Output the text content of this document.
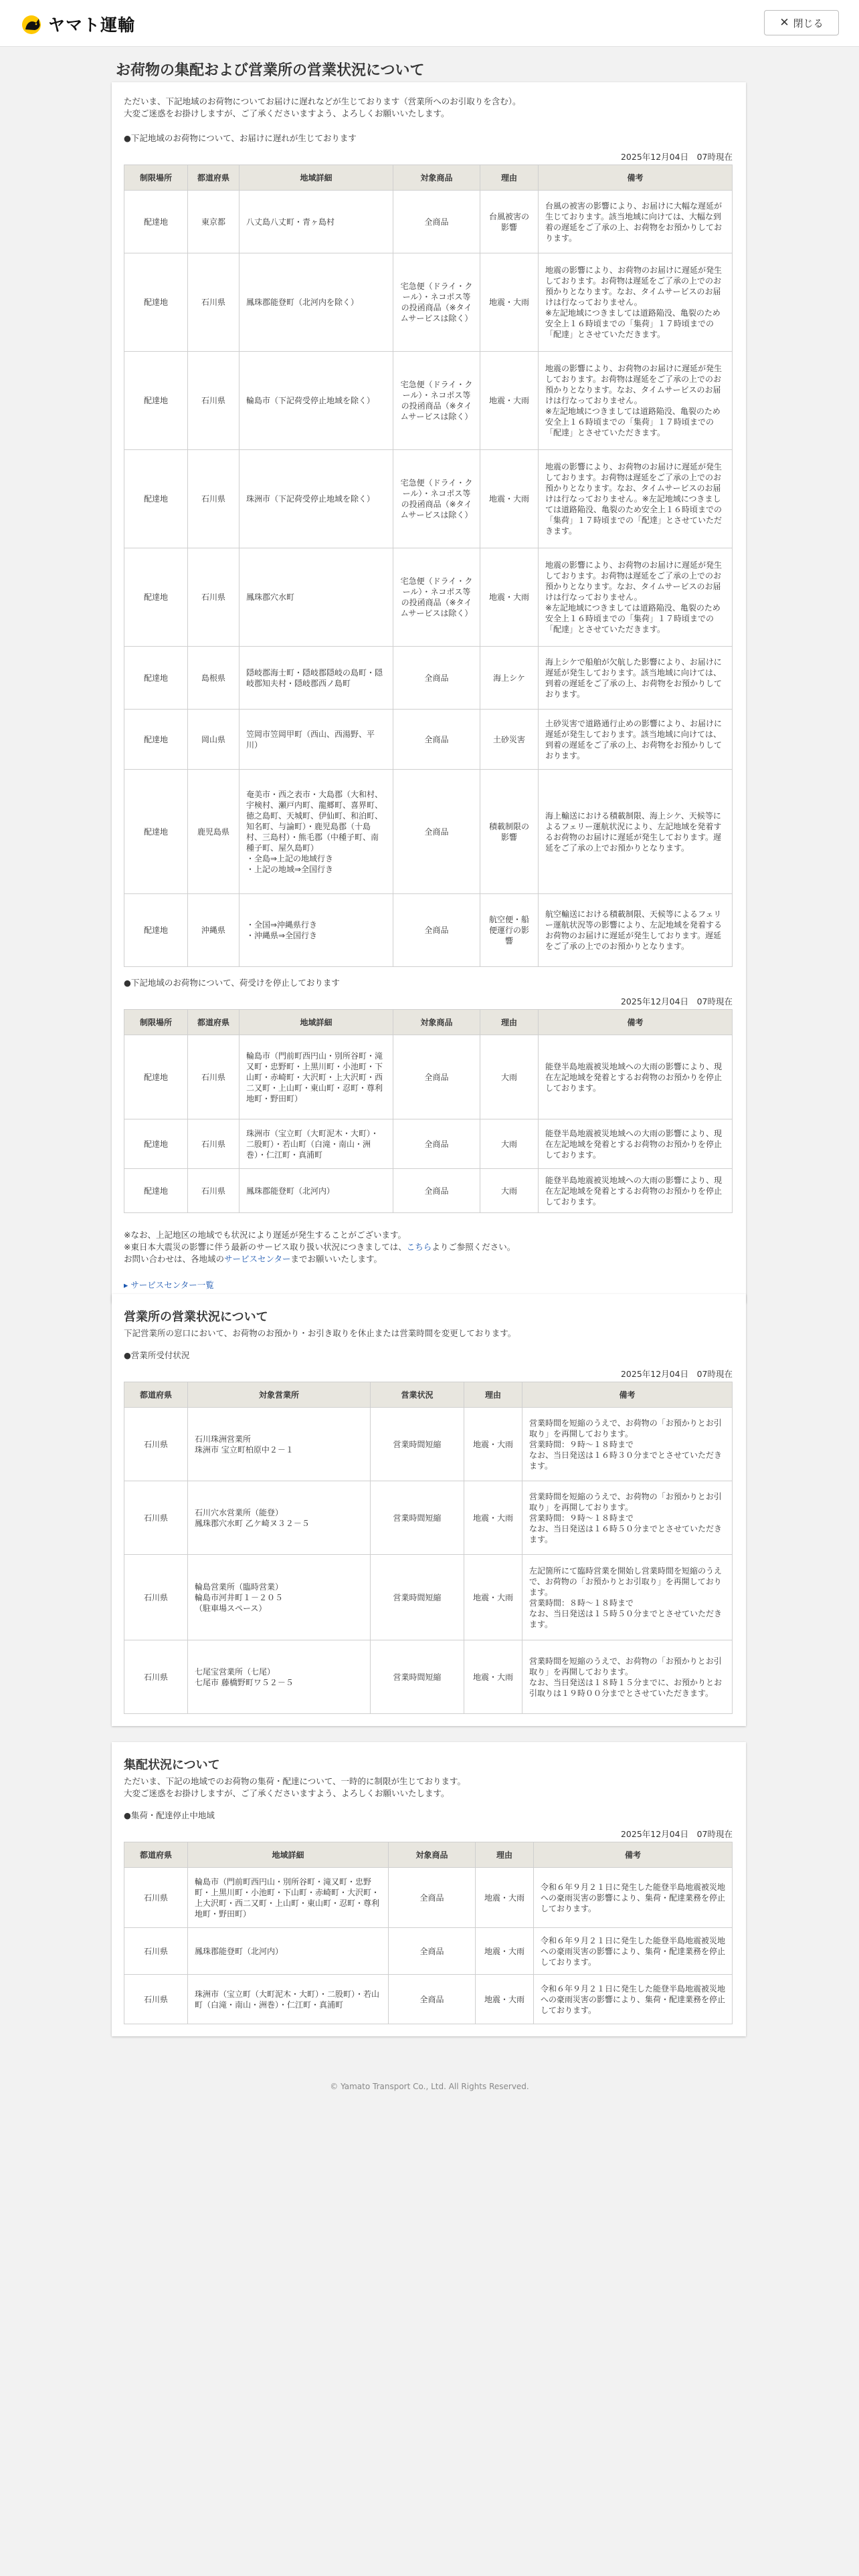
ヤマト運輸	✕ 閉じる
お荷物の集配および営業所の営業状況について
ただいま、下記地域のお荷物についてお届けに遅れなどが生じております（営業所へのお引取りを含む）。
大変ご迷惑をお掛けしますが、ご了承くださいますよう、よろしくお願いいたします。
●下記地域のお荷物について、お届けに遅れが生じております
2025年12月04日　07時現在
制限場所	都道府県	地域詳細	対象商品	理由	備考
配達地	東京都	八丈島八丈町・青ヶ島村	全商品	台風被害の影響	台風の被害の影響により、お届けに大幅な遅延が生じております。該当地域に向けては、大幅な到着の遅延をご了承の上、お荷物をお預かりしております。
配達地	石川県	鳳珠郡能登町（北河内を除く）	宅急便（ドライ・クール）・ネコポス等の投函商品（※タイムサービスは除く）	地震・大雨	地震の影響により、お荷物のお届けに遅延が発生しております。お荷物は遅延をご了承の上でのお預かりとなります。なお、タイムサービスのお届けは行なっておりません。
※左記地域につきましては道路陥没、亀裂のため安全上１６時頃までの「集荷」１７時頃までの「配達」とさせていただきます。
配達地	石川県	輪島市（下記荷受停止地域を除く）	宅急便（ドライ・クール）・ネコポス等の投函商品（※タイムサービスは除く）	地震・大雨	地震の影響により、お荷物のお届けに遅延が発生しております。お荷物は遅延をご了承の上でのお預かりとなります。なお、タイムサービスのお届けは行なっておりません。
※左記地域につきましては道路陥没、亀裂のため安全上１６時頃までの「集荷」１７時頃までの「配達」とさせていただきます。
配達地	石川県	珠洲市（下記荷受停止地域を除く）	宅急便（ドライ・クール）・ネコポス等の投函商品（※タイムサービスは除く）	地震・大雨	地震の影響により、お荷物のお届けに遅延が発生しております。お荷物は遅延をご了承の上でのお預かりとなります。なお、タイムサービスのお届けは行なっておりません。※左記地域につきましては道路陥没、亀裂のため安全上１６時頃までの「集荷」１７時頃までの「配達」とさせていただきます。
配達地	石川県	鳳珠郡穴水町	宅急便（ドライ・クール）・ネコポス等の投函商品（※タイムサービスは除く）	地震・大雨	地震の影響により、お荷物のお届けに遅延が発生しております。お荷物は遅延をご了承の上でのお預かりとなります。なお、タイムサービスのお届けは行なっておりません。
※左記地域につきましては道路陥没、亀裂のため安全上１６時頃までの「集荷」１７時頃までの「配達」とさせていただきます。
配達地	島根県	隠岐郡海士町・隠岐郡隠岐の島町・隠岐郡知夫村・隠岐郡西ノ島町	全商品	海上シケ	海上シケで船舶が欠航した影響により、お届けに遅延が発生しております。該当地域に向けては、到着の遅延をご了承の上、お荷物をお預かりしております。
配達地	岡山県	笠岡市笠岡甲町（西山、西湯野、平川）	全商品	土砂災害	土砂災害で道路通行止めの影響により、お届けに遅延が発生しております。該当地域に向けては、到着の遅延をご了承の上、お荷物をお預かりしております。
配達地	鹿児島県	奄美市・西之表市・大島郡（大和村、宇検村、瀬戸内町、龍郷町、喜界町、徳之島町、天城町、伊仙町、和泊町、知名町、与論町）・鹿児島郡（十島村、三島村）・熊毛郡（中種子町、南種子町、屋久島町）
・全島⇒上記の地域行き
・上記の地域⇒全国行き	全商品	積載制限の影響	海上輸送における積載制限、海上シケ、天候等によるフェリー運航状況により、左記地域を発着するお荷物のお届けに遅延が発生しております。遅延をご了承の上でお預かりとなります。
配達地	沖縄県	・全国⇒沖縄県行き
・沖縄県⇒全国行き	全商品	航空便・船便運行の影響	航空輸送における積載制限、天候等によるフェリー運航状況等の影響により、左記地域を発着するお荷物のお届けに遅延が発生しております。遅延をご了承の上でのお預かりとなります。
●下記地域のお荷物について、荷受けを停止しております
2025年12月04日　07時現在
制限場所	都道府県	地域詳細	対象商品	理由	備考
配達地	石川県	輪島市（門前町西円山・別所谷町・滝又町・忠野町・上黒川町・小池町・下山町・赤崎町・大沢町・上大沢町・西二又町・上山町・東山町・忍町・尊利地町・野田町）	全商品	大雨	能登半島地震被災地域への大雨の影響により、現在左記地域を発着とするお荷物のお預かりを停止しております。
配達地	石川県	珠洲市（宝立町（大町泥木・大町）・二股町）・若山町（白滝・南山・洲巻）・仁江町・真浦町	全商品	大雨	能登半島地震被災地域への大雨の影響により、現在左記地域を発着とするお荷物のお預かりを停止しております。
配達地	石川県	鳳珠郡能登町（北河内）	全商品	大雨	能登半島地震被災地域への大雨の影響により、現在左記地域を発着とするお荷物のお預かりを停止しております。
※なお、上記地区の地域でも状況により遅延が発生することがございます。
※東日本大震災の影響に伴う最新のサービス取り扱い状況につきましては、こちらよりご参照ください。
お問い合わせは、各地域のサービスセンターまでお願いいたします。
▸ サービスセンター一覧
営業所の営業状況について
下記営業所の窓口において、お荷物のお預かり・お引き取りを休止または営業時間を変更しております。
●営業所受付状況
2025年12月04日　07時現在
都道府県	対象営業所	営業状況	理由	備考
石川県	石川珠洲営業所
珠洲市 宝立町柏原中２－１	営業時間短縮	地震・大雨	営業時間を短縮のうえで、お荷物の「お預かりとお引取り」を再開しております。
営業時間：９時～１８時まで
なお、当日発送は１６時３０分までとさせていただきます。
石川県	石川穴水営業所（能登）
鳳珠郡穴水町 乙ケ崎ヌ３２－５	営業時間短縮	地震・大雨	営業時間を短縮のうえで、お荷物の「お預かりとお引取り」を再開しております。
営業時間：９時～１８時まで
なお、当日発送は１６時５０分までとさせていただきます。
石川県	輪島営業所（臨時営業）
輪島市河井町１－２０５
（駐車場スペース）	営業時間短縮	地震・大雨	左記箇所にて臨時営業を開始し営業時間を短縮のうえで、お荷物の「お預かりとお引取り」を再開しております。
営業時間：８時～１８時まで
なお、当日発送は１５時５０分までとさせていただきます。
石川県	七尾宝営業所（七尾）
七尾市 藤橋野町ワ５２－５	営業時間短縮	地震・大雨	営業時間を短縮のうえで、お荷物の「お預かりとお引取り」を再開しております。
なお、当日発送は１８時１５分までに、お預かりとお引取りは１９時００分までとさせていただきます。
集配状況について
ただいま、下記の地域でのお荷物の集荷・配達について、一時的に制限が生じております。
大変ご迷惑をお掛けしますが、ご了承くださいますよう、よろしくお願いいたします。
●集荷・配達停止中地域
2025年12月04日　07時現在
都道府県	地域詳細	対象商品	理由	備考
石川県	輪島市（門前町西円山・別所谷町・滝又町・忠野町・上黒川町・小池町・下山町・赤崎町・大沢町・上大沢町・西二又町・上山町・東山町・忍町・尊利地町・野田町）	全商品	地震・大雨	令和６年９月２１日に発生した能登半島地震被災地への豪雨災害の影響により、集荷・配達業務を停止しております。
石川県	鳳珠郡能登町（北河内）	全商品	地震・大雨	令和６年９月２１日に発生した能登半島地震被災地への豪雨災害の影響により、集荷・配達業務を停止しております。
石川県	珠洲市（宝立町（大町泥木・大町）・二股町）・若山町（白滝・南山・洲巻）・仁江町・真浦町	全商品	地震・大雨	令和６年９月２１日に発生した能登半島地震被災地への豪雨災害の影響により、集荷・配達業務を停止しております。
© Yamato Transport Co., Ltd. All Rights Reserved.
